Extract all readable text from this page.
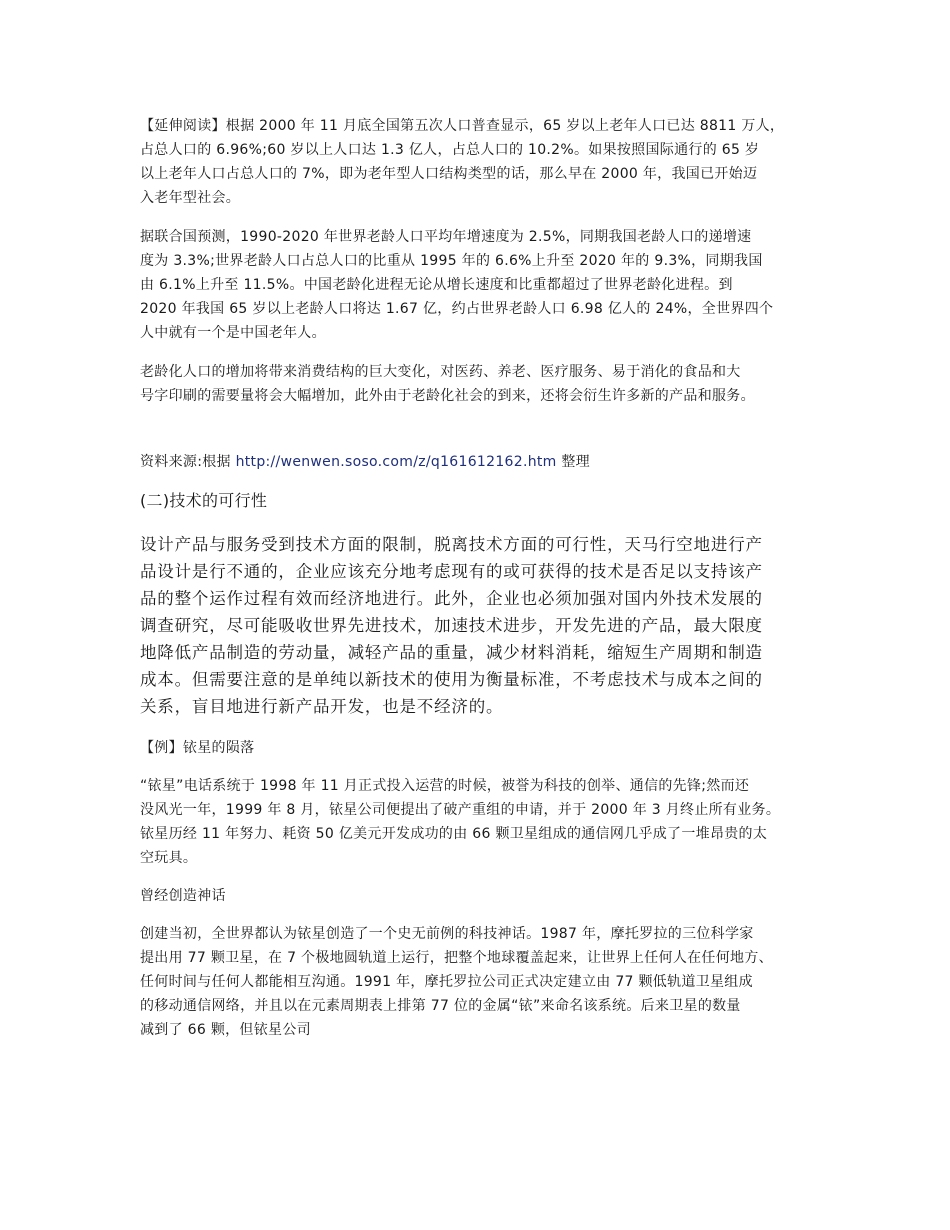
【延伸阅读】根据 2000 年 11 月底全国第五次人口普查显示，65 岁以上老年人口已达 8811 万人，
占总人口的 6.96%;60 岁以上人口达 1.3 亿人，占总人口的 10.2%。如果按照国际通行的 65 岁
以上老年人口占总人口的 7%，即为老年型人口结构类型的话，那么早在 2000 年，我国已开始迈
入老年型社会。

据联合国预测，1990-2020 年世界老龄人口平均年增速度为 2.5%，同期我国老龄人口的递增速
度为 3.3%;世界老龄人口占总人口的比重从 1995 年的 6.6%上升至 2020 年的 9.3%，同期我国
由 6.1%上升至 11.5%。中国老龄化进程无论从增长速度和比重都超过了世界老龄化进程。到
2020 年我国 65 岁以上老龄人口将达 1.67 亿，约占世界老龄人口 6.98 亿人的 24%，全世界四个
人中就有一个是中国老年人。

老龄化人口的增加将带来消费结构的巨大变化，对医药、养老、医疗服务、易于消化的食品和大
号字印刷的需要量将会大幅增加，此外由于老龄化社会的到来，还将会衍生许多新的产品和服务。

资料来源:根据 http://wenwen.soso.com/z/q161612162.htm 整理

(二)技术的可行性

设计产品与服务受到技术方面的限制，脱离技术方面的可行性，天马行空地进行产
品设计是行不通的，企业应该充分地考虑现有的或可获得的技术是否足以支持该产
品的整个运作过程有效而经济地进行。此外，企业也必须加强对国内外技术发展的
调查研究，尽可能吸收世界先进技术，加速技术进步，开发先进的产品，最大限度
地降低产品制造的劳动量，减轻产品的重量，减少材料消耗，缩短生产周期和制造
成本。但需要注意的是单纯以新技术的使用为衡量标准，不考虑技术与成本之间的
关系，盲目地进行新产品开发，也是不经济的。

【例】铱星的陨落

“铱星”电话系统于 1998 年 11 月正式投入运营的时候，被誉为科技的创举、通信的先锋;然而还
没风光一年，1999 年 8 月，铱星公司便提出了破产重组的申请，并于 2000 年 3 月终止所有业务。
铱星历经 11 年努力、耗资 50 亿美元开发成功的由 66 颗卫星组成的通信网几乎成了一堆昂贵的太
空玩具。

曾经创造神话

创建当初，全世界都认为铱星创造了一个史无前例的科技神话。1987 年，摩托罗拉的三位科学家
提出用 77 颗卫星，在 7 个极地圆轨道上运行，把整个地球覆盖起来，让世界上任何人在任何地方、
任何时间与任何人都能相互沟通。1991 年，摩托罗拉公司正式决定建立由 77 颗低轨道卫星组成
的移动通信网络，并且以在元素周期表上排第 77 位的金属“铱”来命名该系统。后来卫星的数量
减到了 66 颗，但铱星公司
